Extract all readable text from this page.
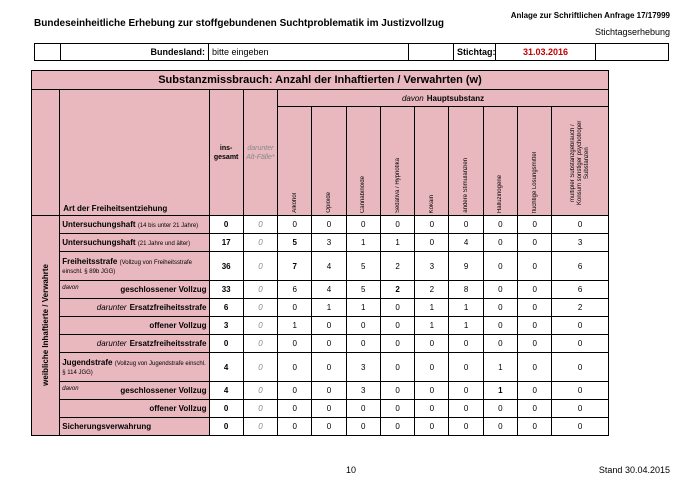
Bundeseinheitliche Erhebung zur stoffgebundenen Suchtproblematik im Justizvollzug
Anlage zur Schriftlichen Anfrage 17/17999
Stichtagserhebung
	Bundesland:	bitte eingeben		Stichtag:	31.03.2016	
Substanzmissbrauch: Anzahl der Inhaftierten / Verwahrten (w)												
	Art der Freiheitsentziehung	ins-gesamt	darunter Alt-Fälle*	davon Hauptsubstanz								
				Alkohol	Opioide	Cannabinoide	Sedativa / Hypnotika	Kokain	andere Stimulanzien	Halluzinogene	flüchtige Lösungsmittel	multipler Substanzgebrauch / Konsum sonstiger psychotroper Substanzen
weibliche Inhaftierte / Verwahrte	Untersuchungshaft (14 bis unter 21 Jahre)	0	0	0	0	0	0	0	0	0	0	0
	Untersuchungshaft (21 Jahre und älter)	17	0	5	3	1	1	0	4	0	0	3
	Freiheitsstrafe (Vollzug von Freiheitsstrafe einschl. § 89b JGG)	36	0	7	4	5	2	3	9	0	0	6

	davon geschlossener Vollzug	33	0	6	4	5	2	2	8	0	0	6
	darunter Ersatzfreiheitsstrafe	6	0	0	1	1	0	1	1	0	0	2
	offener Vollzug	3	0	1	0	0	0	1	1	0	0	0
	darunter Ersatzfreiheitsstrafe	0	0	0	0	0	0	0	0	0	0	0
	Jugendstrafe (Vollzug von Jugendstrafe einschl. § 114 JGG)	4	0	0	0	3	0	0	0	1	0	0

	davon geschlossener Vollzug	4	0	0	0	3	0	0	0	1	0	0
	offener Vollzug	0	0	0	0	0	0	0	0	0	0	0
	Sicherungsverwahrung	0	0	0	0	0	0	0	0	0	0	0
10	Stand 30.04.2015
